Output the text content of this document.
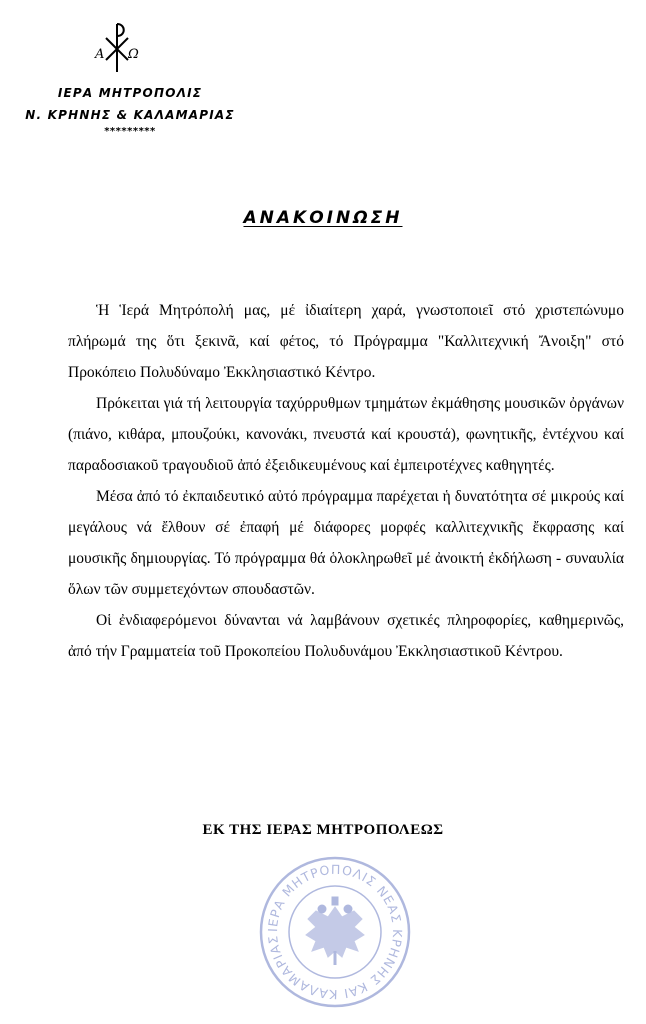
Α Ω
ΙΕΡΑ ΜΗΤΡΟΠΟΛΙΣ
Ν. ΚΡΗΝΗΣ & ΚΑΛΑΜΑΡΙΑΣ
*********
ΑΝΑΚΟΙΝΩΣΗ

Ἡ Ἱερά Μητρόπολή μας, μέ ἰδιαίτερη χαρά, γνωστοποιεῖ στό χριστεπώνυμο πλήρωμά της ὅτι ξεκινᾶ, καί φέτος, τό Πρόγραμμα "Καλλιτεχνική Ἄνοιξη" στό Προκόπειο Πολυδύναμο Ἐκκλησιαστικό Κέντρο.

Πρόκειται γιά τή λειτουργία ταχύρρυθμων τμημάτων ἐκμάθησης μουσικῶν ὀργάνων (πιάνο, κιθάρα, μπουζούκι, κανονάκι, πνευστά καί κρουστά), φωνητικῆς, ἐντέχνου καί παραδοσιακοῦ τραγουδιοῦ ἀπό ἐξειδικευμένους καί ἐμπειροτέχνες καθηγητές.

Μέσα ἀπό τό ἐκπαιδευτικό αὐτό πρόγραμμα παρέχεται ἡ δυνατότητα σέ μικρούς καί μεγάλους νά ἔλθουν σέ ἐπαφή μέ διάφορες μορφές καλλιτεχνικῆς ἔκφρασης καί μουσικῆς δημιουργίας. Τό πρόγραμμα θά ὁλοκληρωθεῖ μέ ἀνοικτή ἐκδήλωση - συναυλία ὅλων τῶν συμμετεχόντων σπουδαστῶν.

Οἱ ἐνδιαφερόμενοι δύνανται νά λαμβάνουν σχετικές πληροφορίες, καθημερινῶς, ἀπό τήν Γραμματεία τοῦ Προκοπείου Πολυδυνάμου Ἐκκλησιαστικοῦ Κέντρου.

ΕΚ ΤΗΣ ΙΕΡΑΣ ΜΗΤΡΟΠΟΛΕΩΣ
ΙΕΡΑ ΜΗΤΡΟΠΟΛΙΣ ΝΕΑΣ ΚΡΗΝΗΣ ΚΑΙ ΚΑΛΑΜΑΡΙΑΣ
